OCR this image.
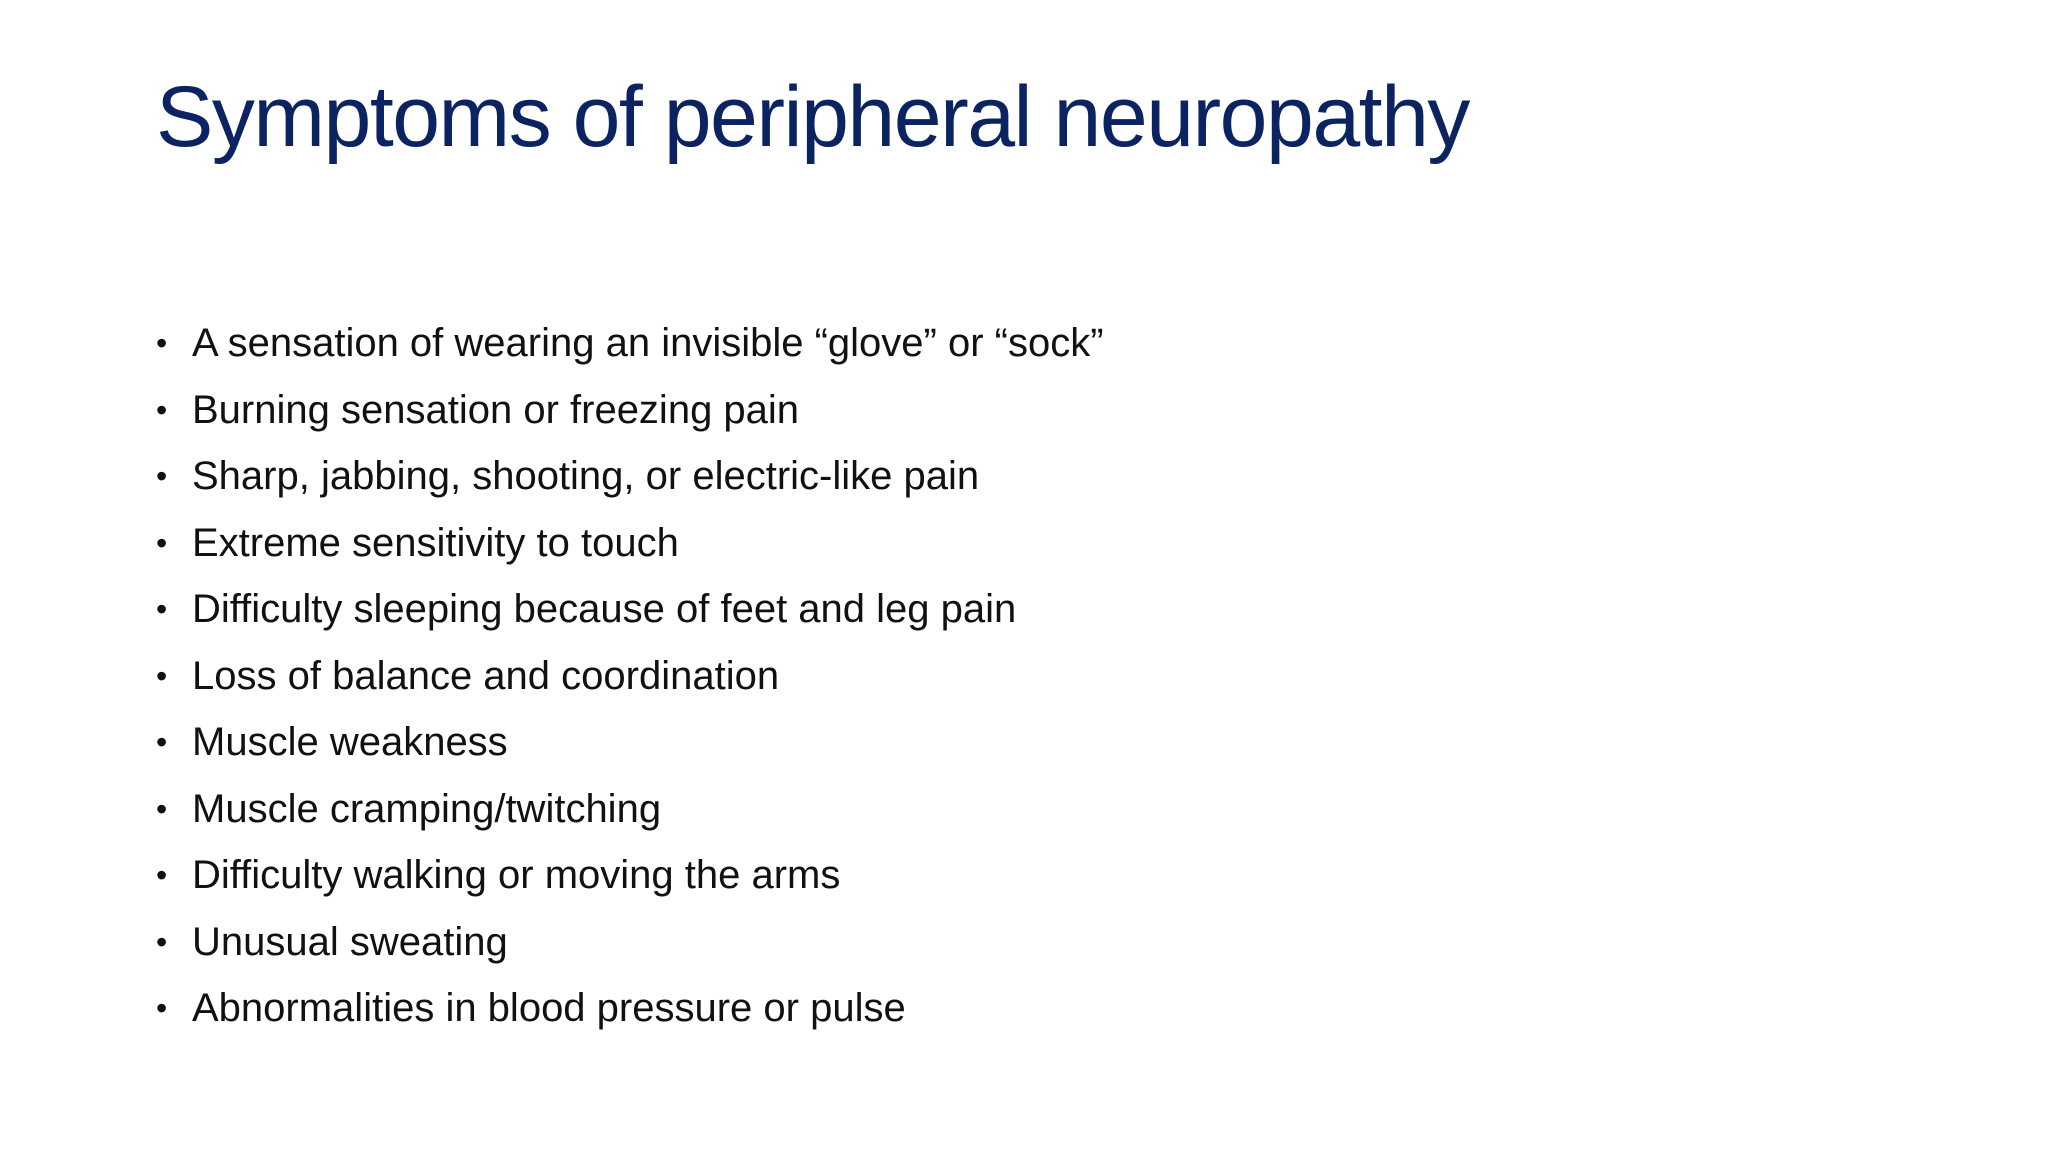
Symptoms of peripheral neuropathy
• A sensation of wearing an invisible “glove” or “sock”
• Burning sensation or freezing pain
• Sharp, jabbing, shooting, or electric-like pain
• Extreme sensitivity to touch
• Difficulty sleeping because of feet and leg pain
• Loss of balance and coordination
• Muscle weakness
• Muscle cramping/twitching
• Difficulty walking or moving the arms
• Unusual sweating
• Abnormalities in blood pressure or pulse
